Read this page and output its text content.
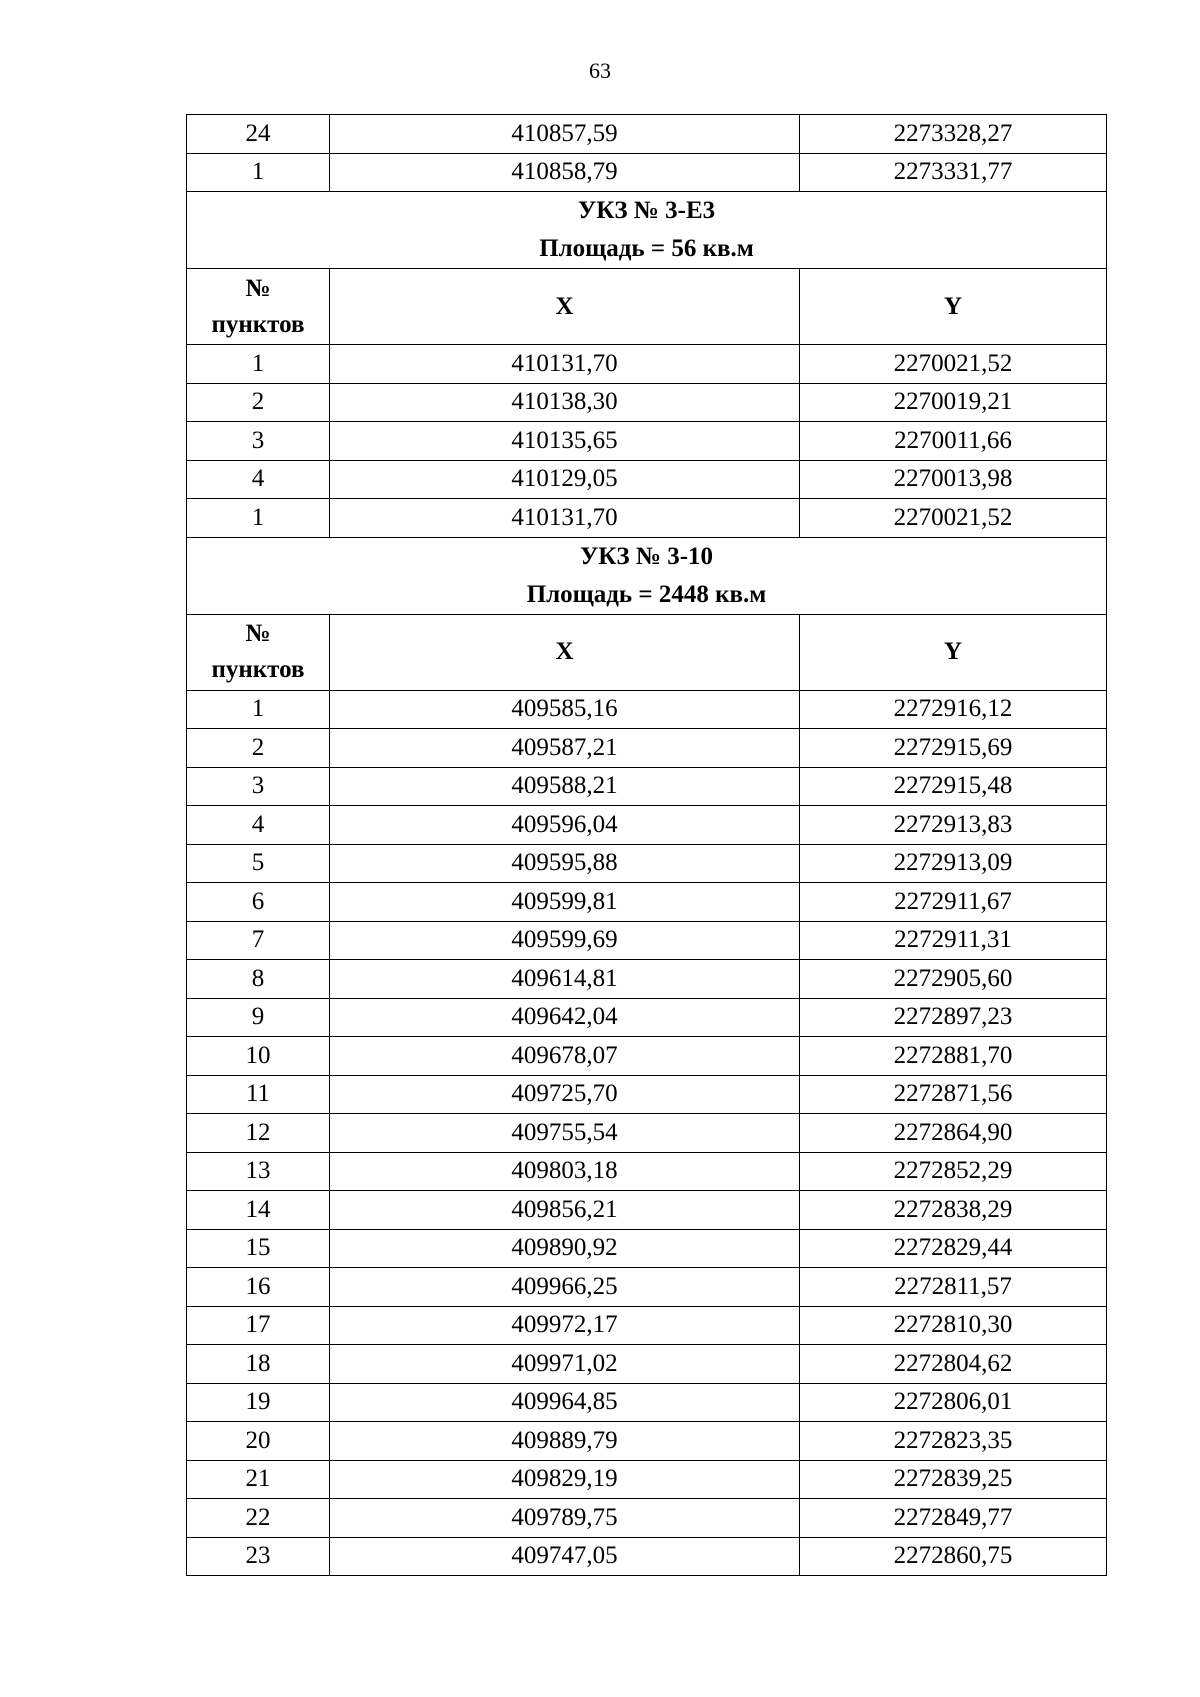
63
24	410857,59	2273328,27
1	410858,79	2273331,77

УКЗ № 3-Е3
Площадь = 56 кв.м		

№
пунктов	X	Y
1	410131,70	2270021,52
2	410138,30	2270019,21
3	410135,65	2270011,66
4	410129,05	2270013,98
1	410131,70	2270021,52

УКЗ № 3-10
Площадь = 2448 кв.м		

№
пунктов	X	Y
1	409585,16	2272916,12
2	409587,21	2272915,69
3	409588,21	2272915,48
4	409596,04	2272913,83
5	409595,88	2272913,09
6	409599,81	2272911,67
7	409599,69	2272911,31
8	409614,81	2272905,60
9	409642,04	2272897,23
10	409678,07	2272881,70
11	409725,70	2272871,56
12	409755,54	2272864,90
13	409803,18	2272852,29
14	409856,21	2272838,29
15	409890,92	2272829,44
16	409966,25	2272811,57
17	409972,17	2272810,30
18	409971,02	2272804,62
19	409964,85	2272806,01
20	409889,79	2272823,35
21	409829,19	2272839,25
22	409789,75	2272849,77
23	409747,05	2272860,75
